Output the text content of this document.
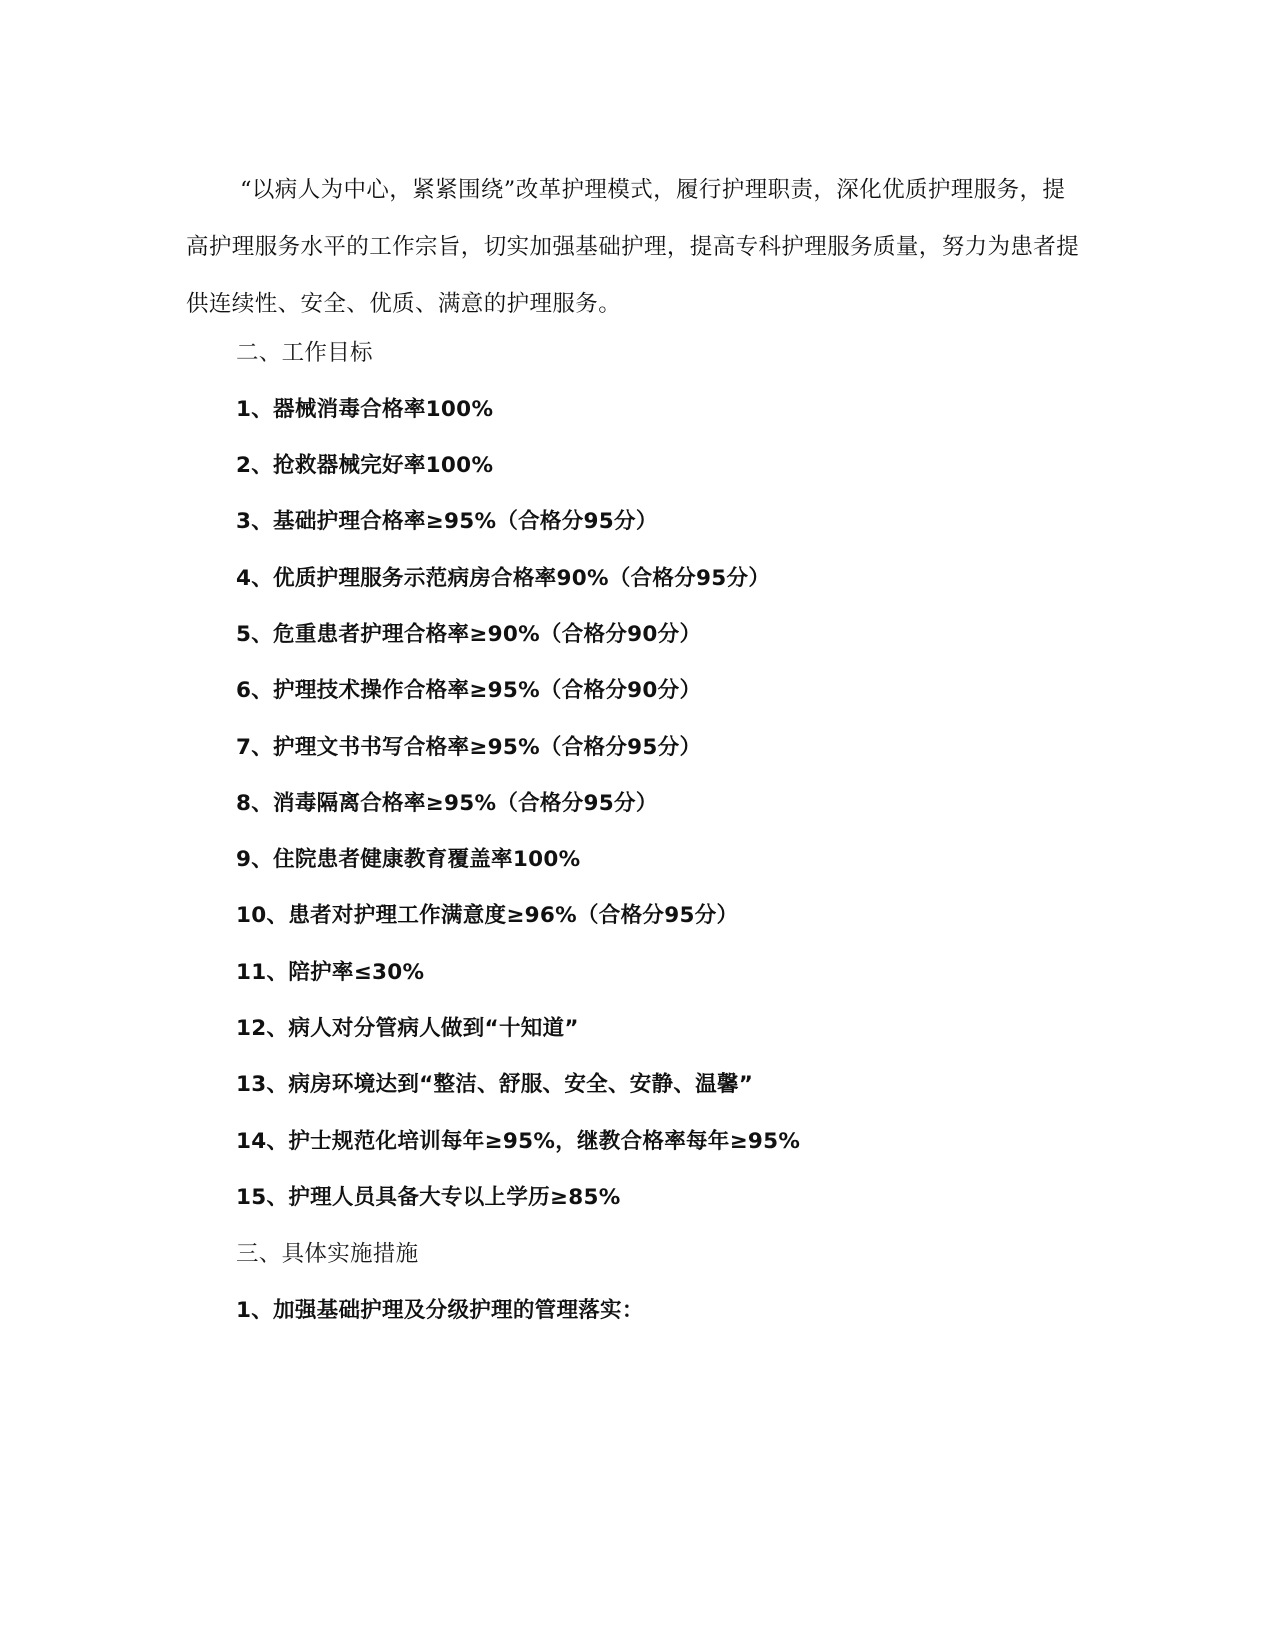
“以病人为中心，紧紧围绕”改革护理模式，履行护理职责，深化优质护理服务，提高护理服务水平的工作宗旨，切实加强基础护理，提高专科护理服务质量，努力为患者提供连续性、安全、优质、满意的护理服务。

二、工作目标

1、器械消毒合格率100%

2、抢救器械完好率100%

3、基础护理合格率≥95%（合格分95分）

4、优质护理服务示范病房合格率90%（合格分95分）

5、危重患者护理合格率≥90%（合格分90分）

6、护理技术操作合格率≥95%（合格分90分）

7、护理文书书写合格率≥95%（合格分95分）

8、消毒隔离合格率≥95%（合格分95分）

9、住院患者健康教育覆盖率100%

10、患者对护理工作满意度≥96%（合格分95分）

11、陪护率≤30%

12、病人对分管病人做到“十知道”

13、病房环境达到“整洁、舒服、安全、安静、温馨”

14、护士规范化培训每年≥95%，继教合格率每年≥95%

15、护理人员具备大专以上学历≥85%

三、具体实施措施

1、加强基础护理及分级护理的管理落实：
